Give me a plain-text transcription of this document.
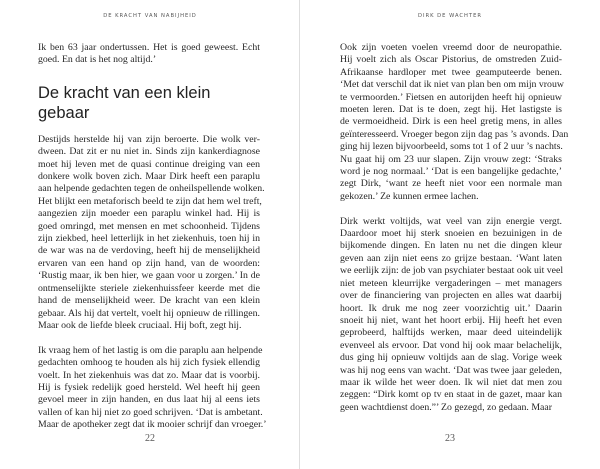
DE KRACHT VAN NABIJHEID

Ik ben 63 jaar ondertussen. Het is goed geweest. Echt
goed. En dat is het nog altijd.’

De kracht van een klein gebaar

Destijds herstelde hij van zijn beroerte. Die wolk ver-
dween. Dat zit er nu niet in. Sinds zijn kankerdiagnose
moet hij leven met de quasi continue dreiging van een
donkere wolk boven zich. Maar Dirk heeft een paraplu
aan helpende gedachten tegen de onheilspellende wolken.
Het blijkt een metaforisch beeld te zijn dat hem wel treft,
aangezien zijn moeder een paraplu winkel had. Hij is
goed omringd, met mensen en met schoonheid. Tijdens
zijn ziekbed, heel letterlijk in het ziekenhuis, toen hij in
de war was na de verdoving, heeft hij de menselijkheid
ervaren van een hand op zijn hand, van de woorden:
‘Rustig maar, ik ben hier, we gaan voor u zorgen.’ In de
ontmenselijkte steriele ziekenhuissfeer keerde met die
hand de menselijkheid weer. De kracht van een klein
gebaar. Als hij dat vertelt, voelt hij opnieuw de rillingen.
Maar ook de liefde bleek cruciaal. Hij boft, zegt hij.

Ik vraag hem of het lastig is om die paraplu aan helpende
gedachten omhoog te houden als hij zich fysiek ellendig
voelt. In het ziekenhuis was dat zo. Maar dat is voorbij.
Hij is fysiek redelijk goed hersteld. Wel heeft hij geen
gevoel meer in zijn handen, en dus laat hij al eens iets
vallen of kan hij niet zo goed schrijven. ‘Dat is ambetant.
Maar de apotheker zegt dat ik mooier schrijf dan vroeger.’

22
DIRK DE WACHTER

Ook zijn voeten voelen vreemd door de neuropathie.
Hij voelt zich als Oscar Pistorius, de omstreden Zuid-
Afrikaanse hardloper met twee geamputeerde benen.
‘Met dat verschil dat ik niet van plan ben om mijn vrouw
te vermoorden.’ Fietsen en autorijden heeft hij opnieuw
moeten leren. Dat is te doen, zegt hij. Het lastigste is
de vermoeidheid. Dirk is een heel gretig mens, in alles
geïnteresseerd. Vroeger begon zijn dag pas ’s avonds. Dan
ging hij lezen bijvoorbeeld, soms tot 1 of 2 uur ’s nachts.
Nu gaat hij om 23 uur slapen. Zijn vrouw zegt: ‘Straks
word je nog normaal.’ ‘Dat is een bangelijke gedachte,’
zegt Dirk, ‘want ze heeft niet voor een normale man
gekozen.’ Ze kunnen ermee lachen.

Dirk werkt voltijds, wat veel van zijn energie vergt.
Daardoor moet hij sterk snoeien en bezuinigen in de
bijkomende dingen. En laten nu net die dingen kleur
geven aan zijn niet eens zo grijze bestaan. ‘Want laten
we eerlijk zijn: de job van psychiater bestaat ook uit veel
niet meteen kleurrijke vergaderingen – met managers
over de financiering van projecten en alles wat daarbij
hoort. Ik druk me nog zeer voorzichtig uit.’ Daarin
snoeit hij niet, want het hoort erbij. Hij heeft het even
geprobeerd, halftijds werken, maar deed uiteindelijk
evenveel als ervoor. Dat vond hij ook maar belachelijk,
dus ging hij opnieuw voltijds aan de slag. Vorige week
was hij nog eens van wacht. ‘Dat was twee jaar geleden,
maar ik wilde het weer doen. Ik wil niet dat men zou
zeggen: “Dirk komt op tv en staat in de gazet, maar kan
geen wachtdienst doen.”’ Zo gezegd, zo gedaan. Maar

23
